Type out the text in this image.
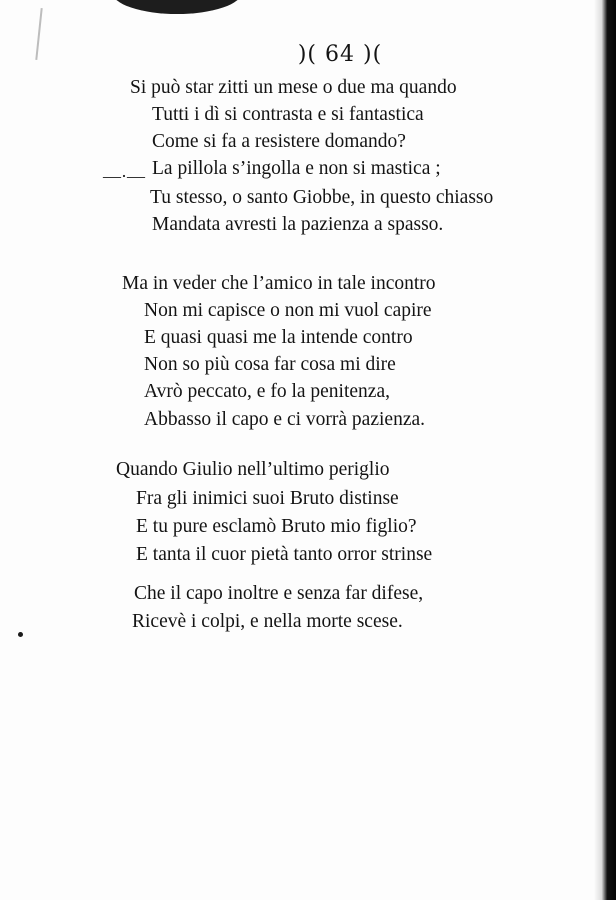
)( 64 )(
—·—
Si può star zitti un mese o due ma quando
Tutti i dì si contrasta e si fantastica
Come si fa a resistere domando?
La pillola s’ingolla e non si mastica ;
Tu stesso, o santo Giobbe, in questo chiasso
Mandata avresti la pazienza a spasso.
Ma in veder che l’amico in tale incontro
Non mi capisce o non mi vuol capire
E quasi quasi me la intende contro
Non so più cosa far cosa mi dire
Avrò peccato, e fo la penitenza,
Abbasso il capo e ci vorrà pazienza.
Quando Giulio nell’ultimo periglio
Fra gli inimici suoi Bruto distinse
E tu pure esclamò Bruto mio figlio?
E tanta il cuor pietà tanto orror strinse
Che il capo inoltre e senza far difese,
Ricevè i colpi, e nella morte scese.
